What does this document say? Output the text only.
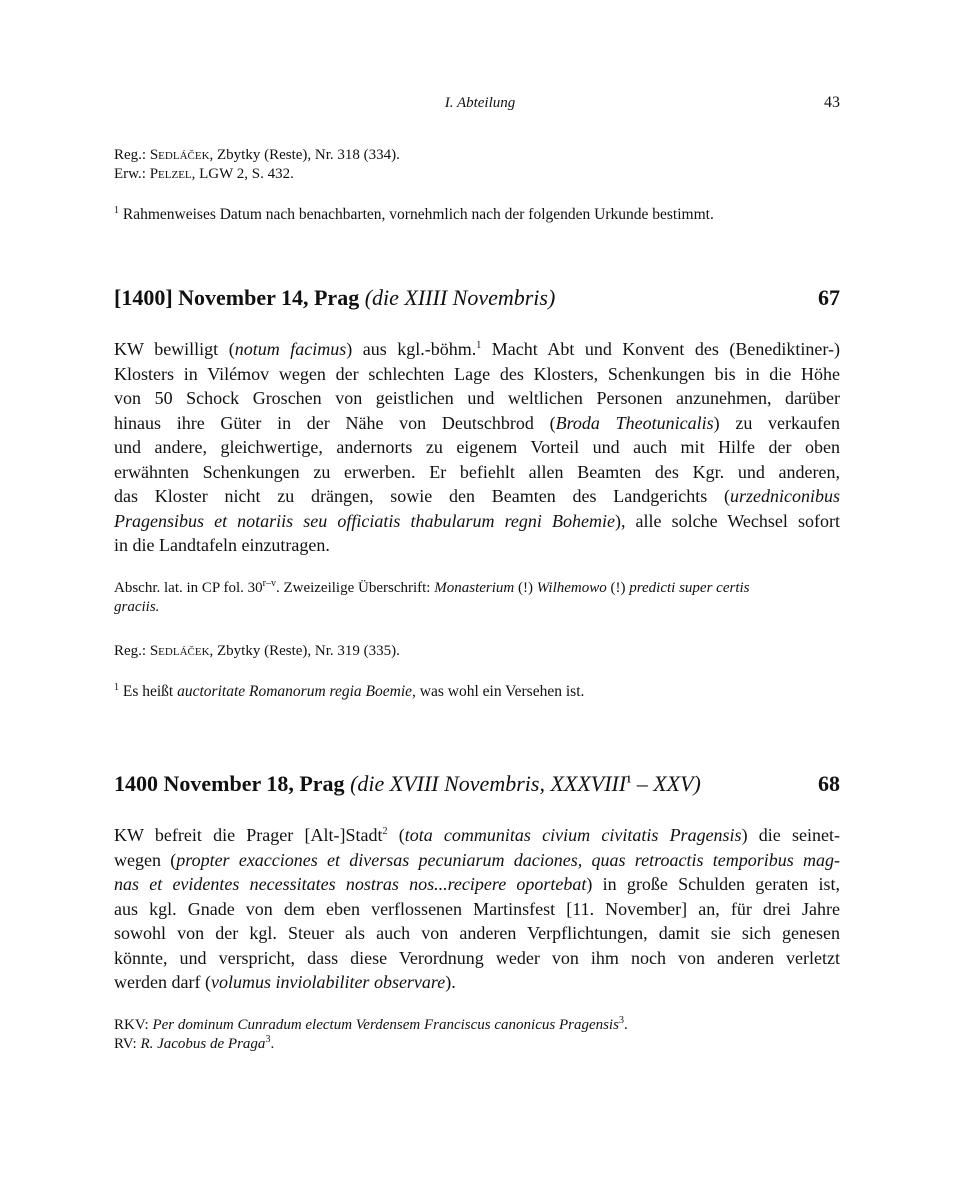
I. Abteilung	43
Reg.: Sedláček, Zbytky (Reste), Nr. 318 (334).
Erw.: Pelzel, LGW 2, S. 432.
$^1$ Rahmenweises Datum nach benachbarten, vornehmlich nach der folgenden Urkunde bestimmt.
[1400] November 14, Prag (die XIIII Novembris)	67
KW bewilligt (notum facimus) aus kgl.-böhm.$^1$ Macht Abt und Konvent des (Benediktiner-)
Klosters in Vilémov wegen der schlechten Lage des Klosters, Schenkungen bis in die Höhe
von 50 Schock Groschen von geistlichen und weltlichen Personen anzunehmen, darüber
hinaus ihre Güter in der Nähe von Deutschbrod (Broda Theotunicalis) zu verkaufen
und andere, gleichwertige, andernorts zu eigenem Vorteil und auch mit Hilfe der oben
erwähnten Schenkungen zu erwerben. Er befiehlt allen Beamten des Kgr. und anderen,
das Kloster nicht zu drängen, sowie den Beamten des Landgerichts (urzedniconibus
Pragensibus et notariis seu officiatis thabularum regni Bohemie), alle solche Wechsel sofort
in die Landtafeln einzutragen.
Abschr. lat. in CP fol. 30$^{r-v}$. Zweizeilige Überschrift: Monasterium (!) Wilhemowo (!) predicti super certis
graciis.
Reg.: Sedláček, Zbytky (Reste), Nr. 319 (335).
$^1$ Es heißt auctoritate Romanorum regia Boemie, was wohl ein Versehen ist.
1400 November 18, Prag (die XVIII Novembris, XXXVIII$^1$ – XXV)	68
KW befreit die Prager [Alt-]Stadt$^2$ (tota communitas civium civitatis Pragensis) die seinet-
wegen (propter exacciones et diversas pecuniarum daciones, quas retroactis temporibus mag-
nas et evidentes necessitates nostras nos...recipere oportebat) in große Schulden geraten ist,
aus kgl. Gnade von dem eben verflossenen Martinsfest [11. November] an, für drei Jahre
sowohl von der kgl. Steuer als auch von anderen Verpflichtungen, damit sie sich genesen
könnte, und verspricht, dass diese Verordnung weder von ihm noch von anderen verletzt
werden darf (volumus inviolabiliter observare).
RKV: Per dominum Cunradum electum Verdensem Franciscus canonicus Pragensis$^3$.
RV: R. Jacobus de Praga$^3$.
